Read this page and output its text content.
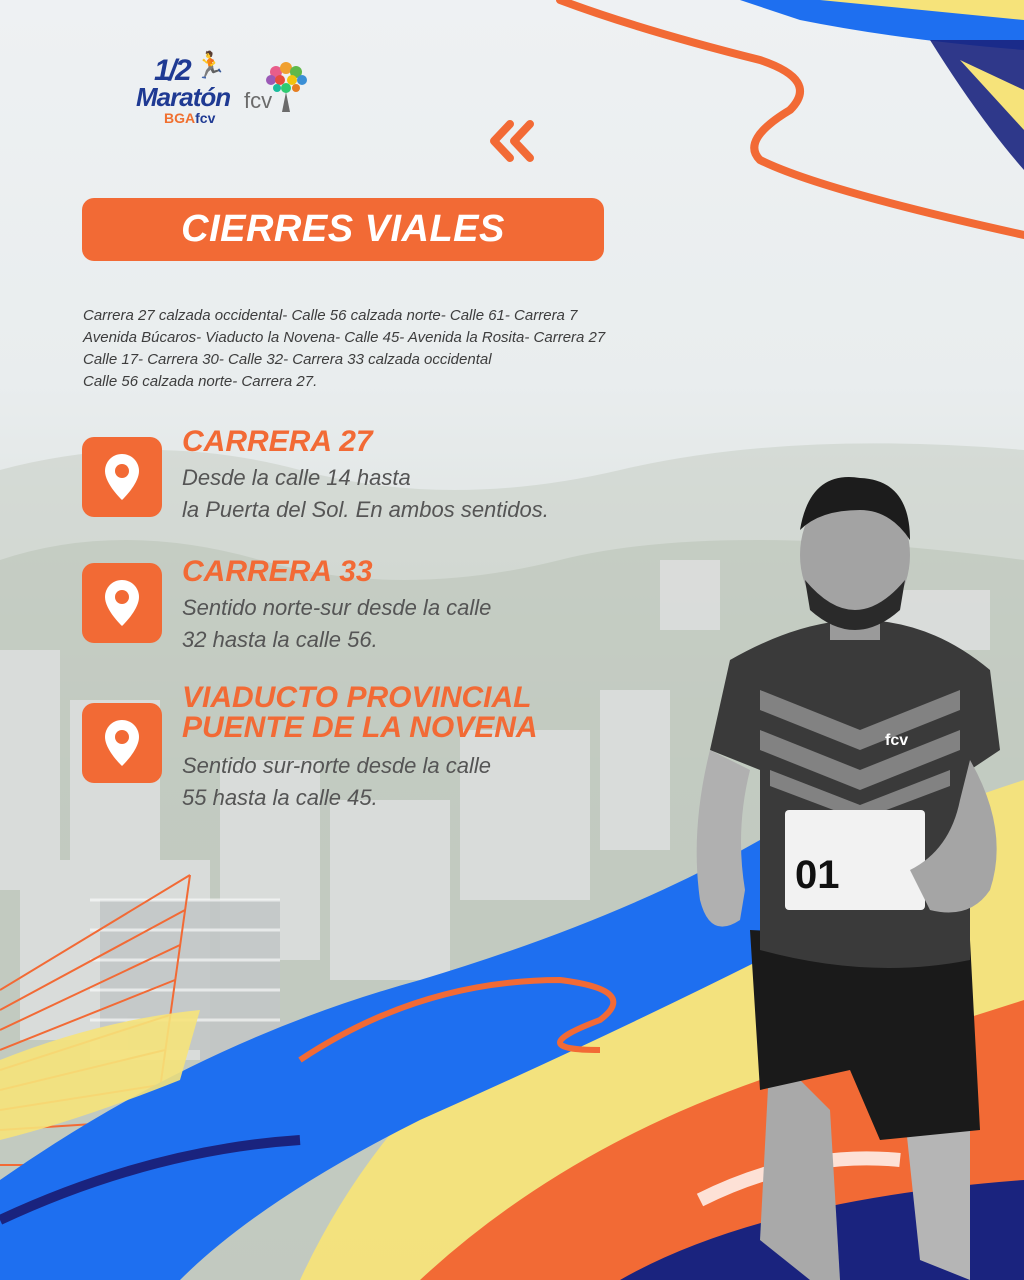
1/2 🏃
Maratón
BGAfcv
fcv
CIERRES VIALES
Carrera 27 calzada occidental- Calle 56 calzada norte- Calle 61- Carrera 7
Avenida Búcaros- Viaducto la Novena- Calle 45- Avenida la Rosita- Carrera 27
Calle 17- Carrera 30- Calle 32- Carrera 33 calzada occidental
Calle 56 calzada norte- Carrera 27.
CARRERA 27
Desde la calle 14 hasta
la Puerta del Sol. En ambos sentidos.
CARRERA 33
Sentido norte-sur desde la calle
32 hasta la calle 56.
VIADUCTO PROVINCIAL
PUENTE DE LA NOVENA
Sentido sur-norte desde la calle
55 hasta la calle 45.
fcv
01
